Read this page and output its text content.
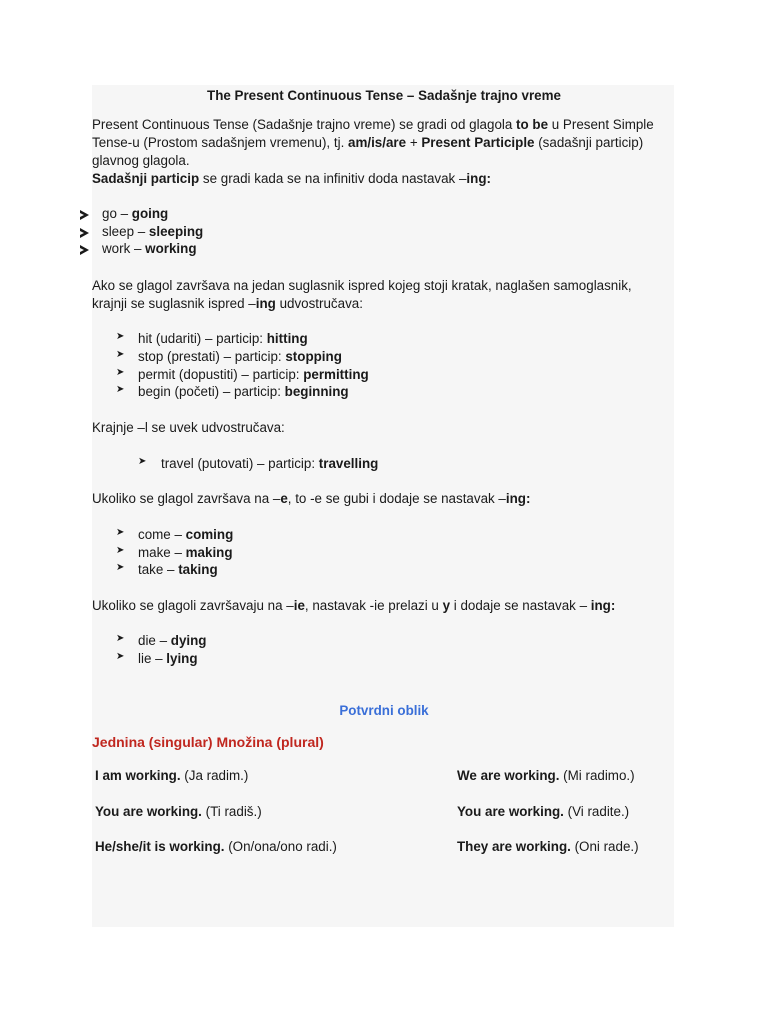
The Present Continuous Tense – Sadašnje trajno vreme
Present Continuous Tense (Sadašnje trajno vreme) se gradi od glagola to be u Present Simple
Tense-u (Prostom sadašnjem vremenu), tj. am/is/are + Present Participle (sadašnji particip)
glavnog glagola.
Sadašnji particip se gradi kada se na infinitiv doda nastavak –ing:
go – going
sleep – sleeping
work – working
Ako se glagol završava na jedan suglasnik ispred kojeg stoji kratak, naglašen samoglasnik,
krajnji se suglasnik ispred –ing udvostručava:
➤ hit (udariti) – particip: hitting
➤ stop (prestati) – particip: stopping
➤ permit (dopustiti) – particip: permitting
➤ begin (početi) – particip: beginning
Krajnje –l se uvek udvostručava:
➤ travel (putovati) – particip: travelling
Ukoliko se glagol završava na –e, to -e se gubi i dodaje se nastavak –ing:
➤ come – coming
➤ make – making
➤ take – taking
Ukoliko se glagoli završavaju na –ie, nastavak -ie prelazi u y i dodaje se nastavak – ing:
➤ die – dying
➤ lie – lying
Potvrdni oblik
Jednina (singular) Množina (plural)
I am working. (Ja radim.)	We are working. (Mi radimo.)
You are working. (Ti radiš.)	You are working. (Vi radite.)
He/she/it is working. (On/ona/ono radi.)	They are working. (Oni rade.)
